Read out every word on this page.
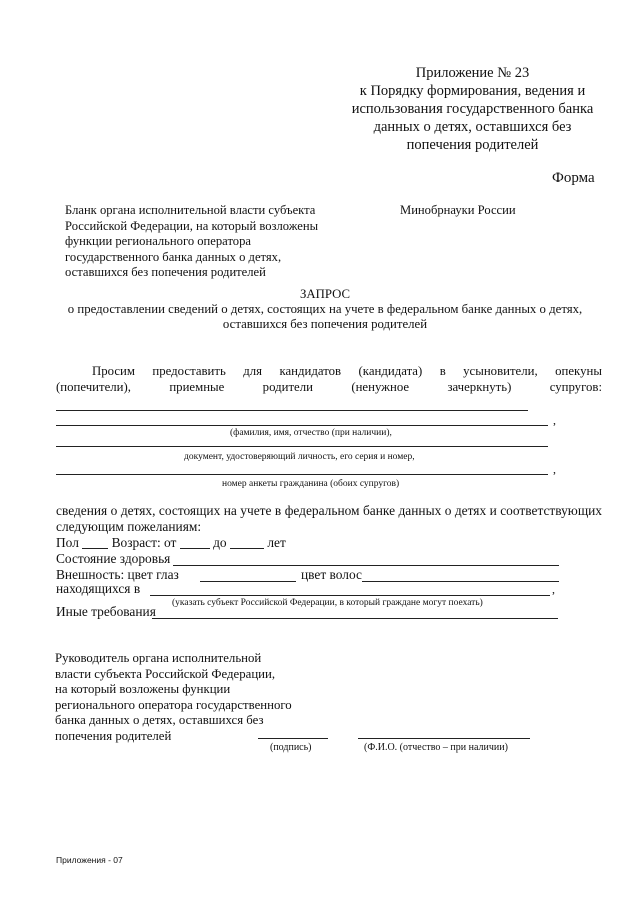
Приложение № 23
к Порядку формирования, ведения и
использования государственного банка
данных о детях, оставшихся без
попечения родителей
Форма
Бланк органа исполнительной власти субъекта
Российской Федерации, на который возложены
функции регионального оператора
государственного банка данных о детях,
оставшихся без попечения родителей
Минобрнауки России
ЗАПРОС
о предоставлении сведений о детях, состоящих на учете в федеральном банке данных о детях,
оставшихся без попечения родителей
Просим предоставить для кандидатов (кандидата) в усыновители, опекуны
(попечители),	приемные	родители	(ненужное	зачеркнуть)	супругов:
,
(фамилия, имя, отчество (при наличии),
документ, удостоверяющий личность, его серия и номер,
,
номер анкеты гражданина (обоих супругов)
сведения о детях, состоящих на учете в федеральном банке данных о детях и соответствующих
следующим пожеланиям:
Пол Возраст: от	до	лет
Состояние здоровья
Внешность: цвет глаз	цвет волос
находящихся в	,
(указать субъект Российской Федерации, в который граждане могут поехать)
Иные требования
Руководитель органа исполнительной
власти субъекта Российской Федерации,
на который возложены функции
регионального оператора государственного
банка данных о детях, оставшихся без
попечения родителей
(подпись)	(Ф.И.О. (отчество – при наличии)
Приложения - 07
